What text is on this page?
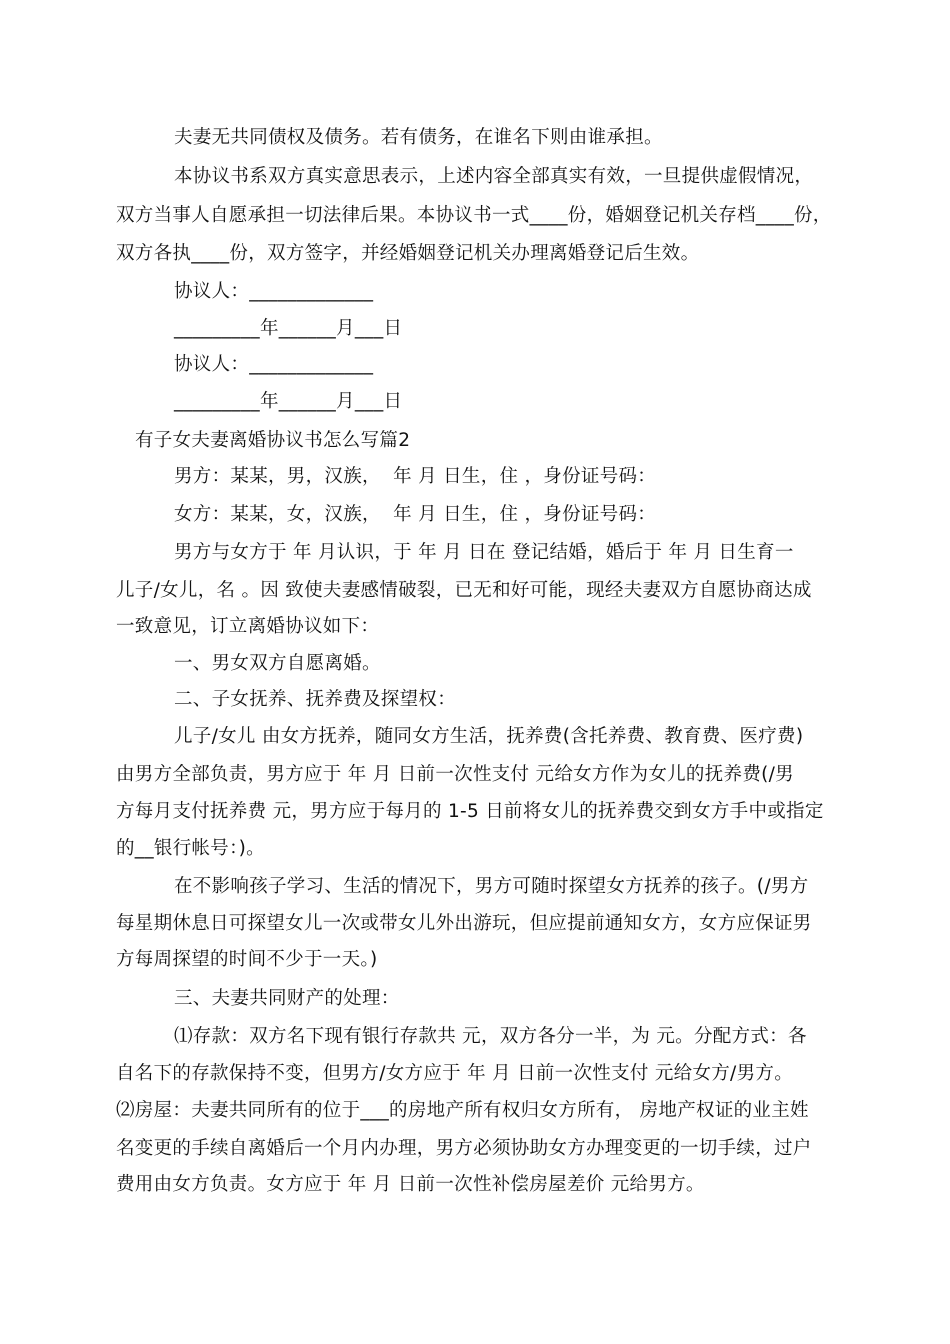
夫妻无共同债权及债务。若有债务，在谁名下则由谁承担。
本协议书系双方真实意思表示，上述内容全部真实有效，一旦提供虚假情况，
双方当事人自愿承担一切法律后果。本协议书一式____份，婚姻登记机关存档____份，
双方各执____份，双方签字，并经婚姻登记机关办理离婚登记后生效。
协议人：_____________
_________年______月___日
协议人：_____________
_________年______月___日
有子女夫妻离婚协议书怎么写篇2
男方：某某，男，汉族，  年 月 日生，住 ，身份证号码：
女方：某某，女，汉族，  年 月 日生，住 ，身份证号码：
男方与女方于 年 月认识，于 年 月 日在 登记结婚，婚后于 年 月 日生育一
儿子/女儿，名 。因 致使夫妻感情破裂，已无和好可能，现经夫妻双方自愿协商达成
一致意见，订立离婚协议如下：
一、男女双方自愿离婚。
二、子女抚养、抚养费及探望权：
儿子/女儿 由女方抚养，随同女方生活，抚养费(含托养费、教育费、医疗费)
由男方全部负责，男方应于 年 月 日前一次性支付 元给女方作为女儿的抚养费(/男
方每月支付抚养费 元，男方应于每月的 1-5 日前将女儿的抚养费交到女方手中或指定
的__银行帐号：)。
在不影响孩子学习、生活的情况下，男方可随时探望女方抚养的孩子。(/男方
每星期休息日可探望女儿一次或带女儿外出游玩，但应提前通知女方，女方应保证男
方每周探望的时间不少于一天。)
三、夫妻共同财产的处理：
⑴存款：双方名下现有银行存款共 元，双方各分一半，为 元。分配方式：各
自名下的存款保持不变，但男方/女方应于 年 月 日前一次性支付 元给女方/男方。
⑵房屋：夫妻共同所有的位于___的房地产所有权归女方所有， 房地产权证的业主姓
名变更的手续自离婚后一个月内办理，男方必须协助女方办理变更的一切手续，过户
费用由女方负责。女方应于 年 月 日前一次性补偿房屋差价 元给男方。
